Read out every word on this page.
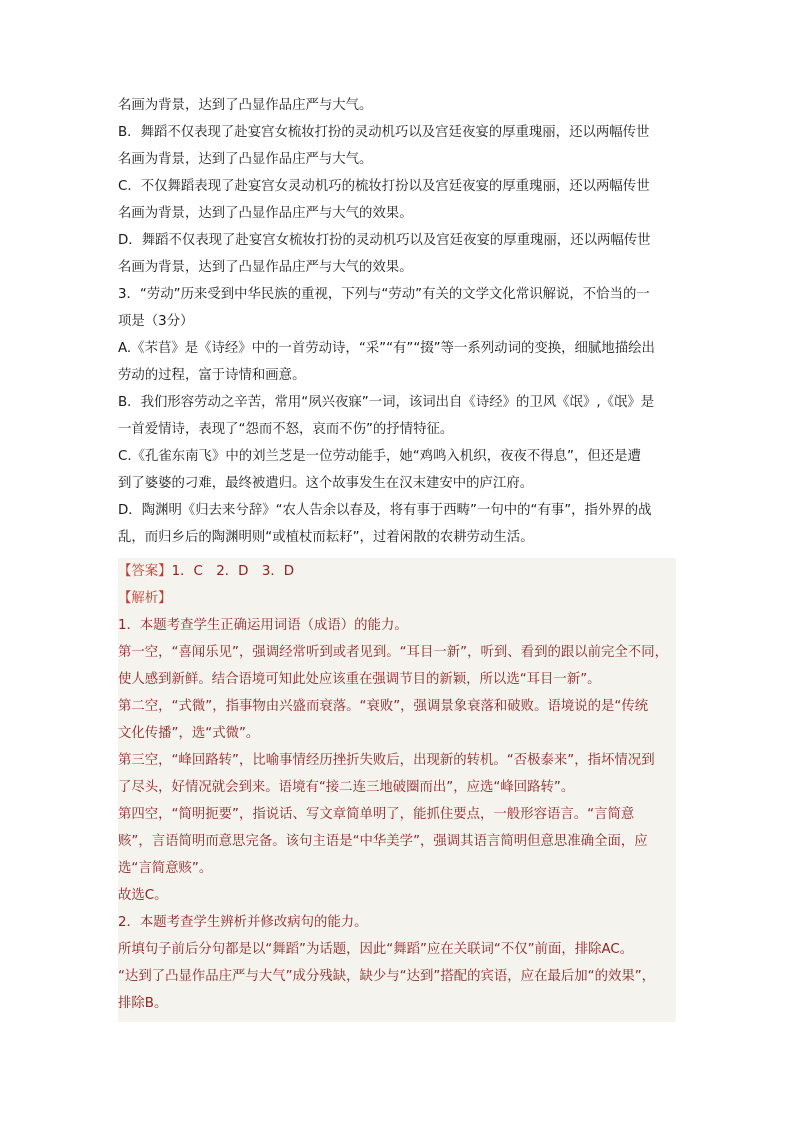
名画为背景，达到了凸显作品庄严与大气。

B．舞蹈不仅表现了赴宴宫女梳妆打扮的灵动机巧以及宫廷夜宴的厚重瑰丽，还以两幅传世

名画为背景，达到了凸显作品庄严与大气。

C．不仅舞蹈表现了赴宴宫女灵动机巧的梳妆打扮以及宫廷夜宴的厚重瑰丽，还以两幅传世

名画为背景，达到了凸显作品庄严与大气的效果。

D．舞蹈不仅表现了赴宴宫女梳妆打扮的灵动机巧以及宫廷夜宴的厚重瑰丽，还以两幅传世

名画为背景，达到了凸显作品庄严与大气的效果。

3．“劳动”历来受到中华民族的重视，下列与“劳动”有关的文学文化常识解说，不恰当的一

项是（3分）

A.《芣苢》是《诗经》中的一首劳动诗，“采”“有”“掇”等一系列动词的变换，细腻地描绘出

劳动的过程，富于诗情和画意。

B．我们形容劳动之辛苦，常用“夙兴夜寐”一词，该词出自《诗经》的卫风《氓》,《氓》是

一首爱情诗，表现了“怨而不怒，哀而不伤”的抒情特征。

C.《孔雀东南飞》中的刘兰芝是一位劳动能手，她“鸡鸣入机织，夜夜不得息”，但还是遭

到了婆婆的刁难，最终被遣归。这个故事发生在汉末建安中的庐江府。

D．陶渊明《归去来兮辞》“农人告余以春及，将有事于西畴”一句中的“有事”，指外界的战

乱，而归乡后的陶渊明则“或植杖而耘耔”，过着闲散的农耕劳动生活。

【答案】1．C　2．D　3．D

【解析】

1．本题考查学生正确运用词语（成语）的能力。

第一空，“喜闻乐见”，强调经常听到或者见到。“耳目一新”，听到、看到的跟以前完全不同，

使人感到新鲜。结合语境可知此处应该重在强调节目的新颖，所以选“耳目一新”。

第二空，“式微”，指事物由兴盛而衰落。“衰败”，强调景象衰落和破败。语境说的是“传统

文化传播”，选“式微”。

第三空，“峰回路转”，比喻事情经历挫折失败后，出现新的转机。“否极泰来”，指坏情况到

了尽头，好情况就会到来。语境有“接二连三地破圈而出”，应选“峰回路转”。

第四空，“简明扼要”，指说话、写文章简单明了，能抓住要点，一般形容语言。“言简意

赅”，言语简明而意思完备。该句主语是“中华美学”，强调其语言简明但意思准确全面，应

选“言简意赅”。

故选C。

2．本题考查学生辨析并修改病句的能力。

所填句子前后分句都是以“舞蹈”为话题，因此“舞蹈”应在关联词“不仅”前面，排除AC。

“达到了凸显作品庄严与大气”成分残缺，缺少与“达到”搭配的宾语，应在最后加“的效果”，

排除B。
